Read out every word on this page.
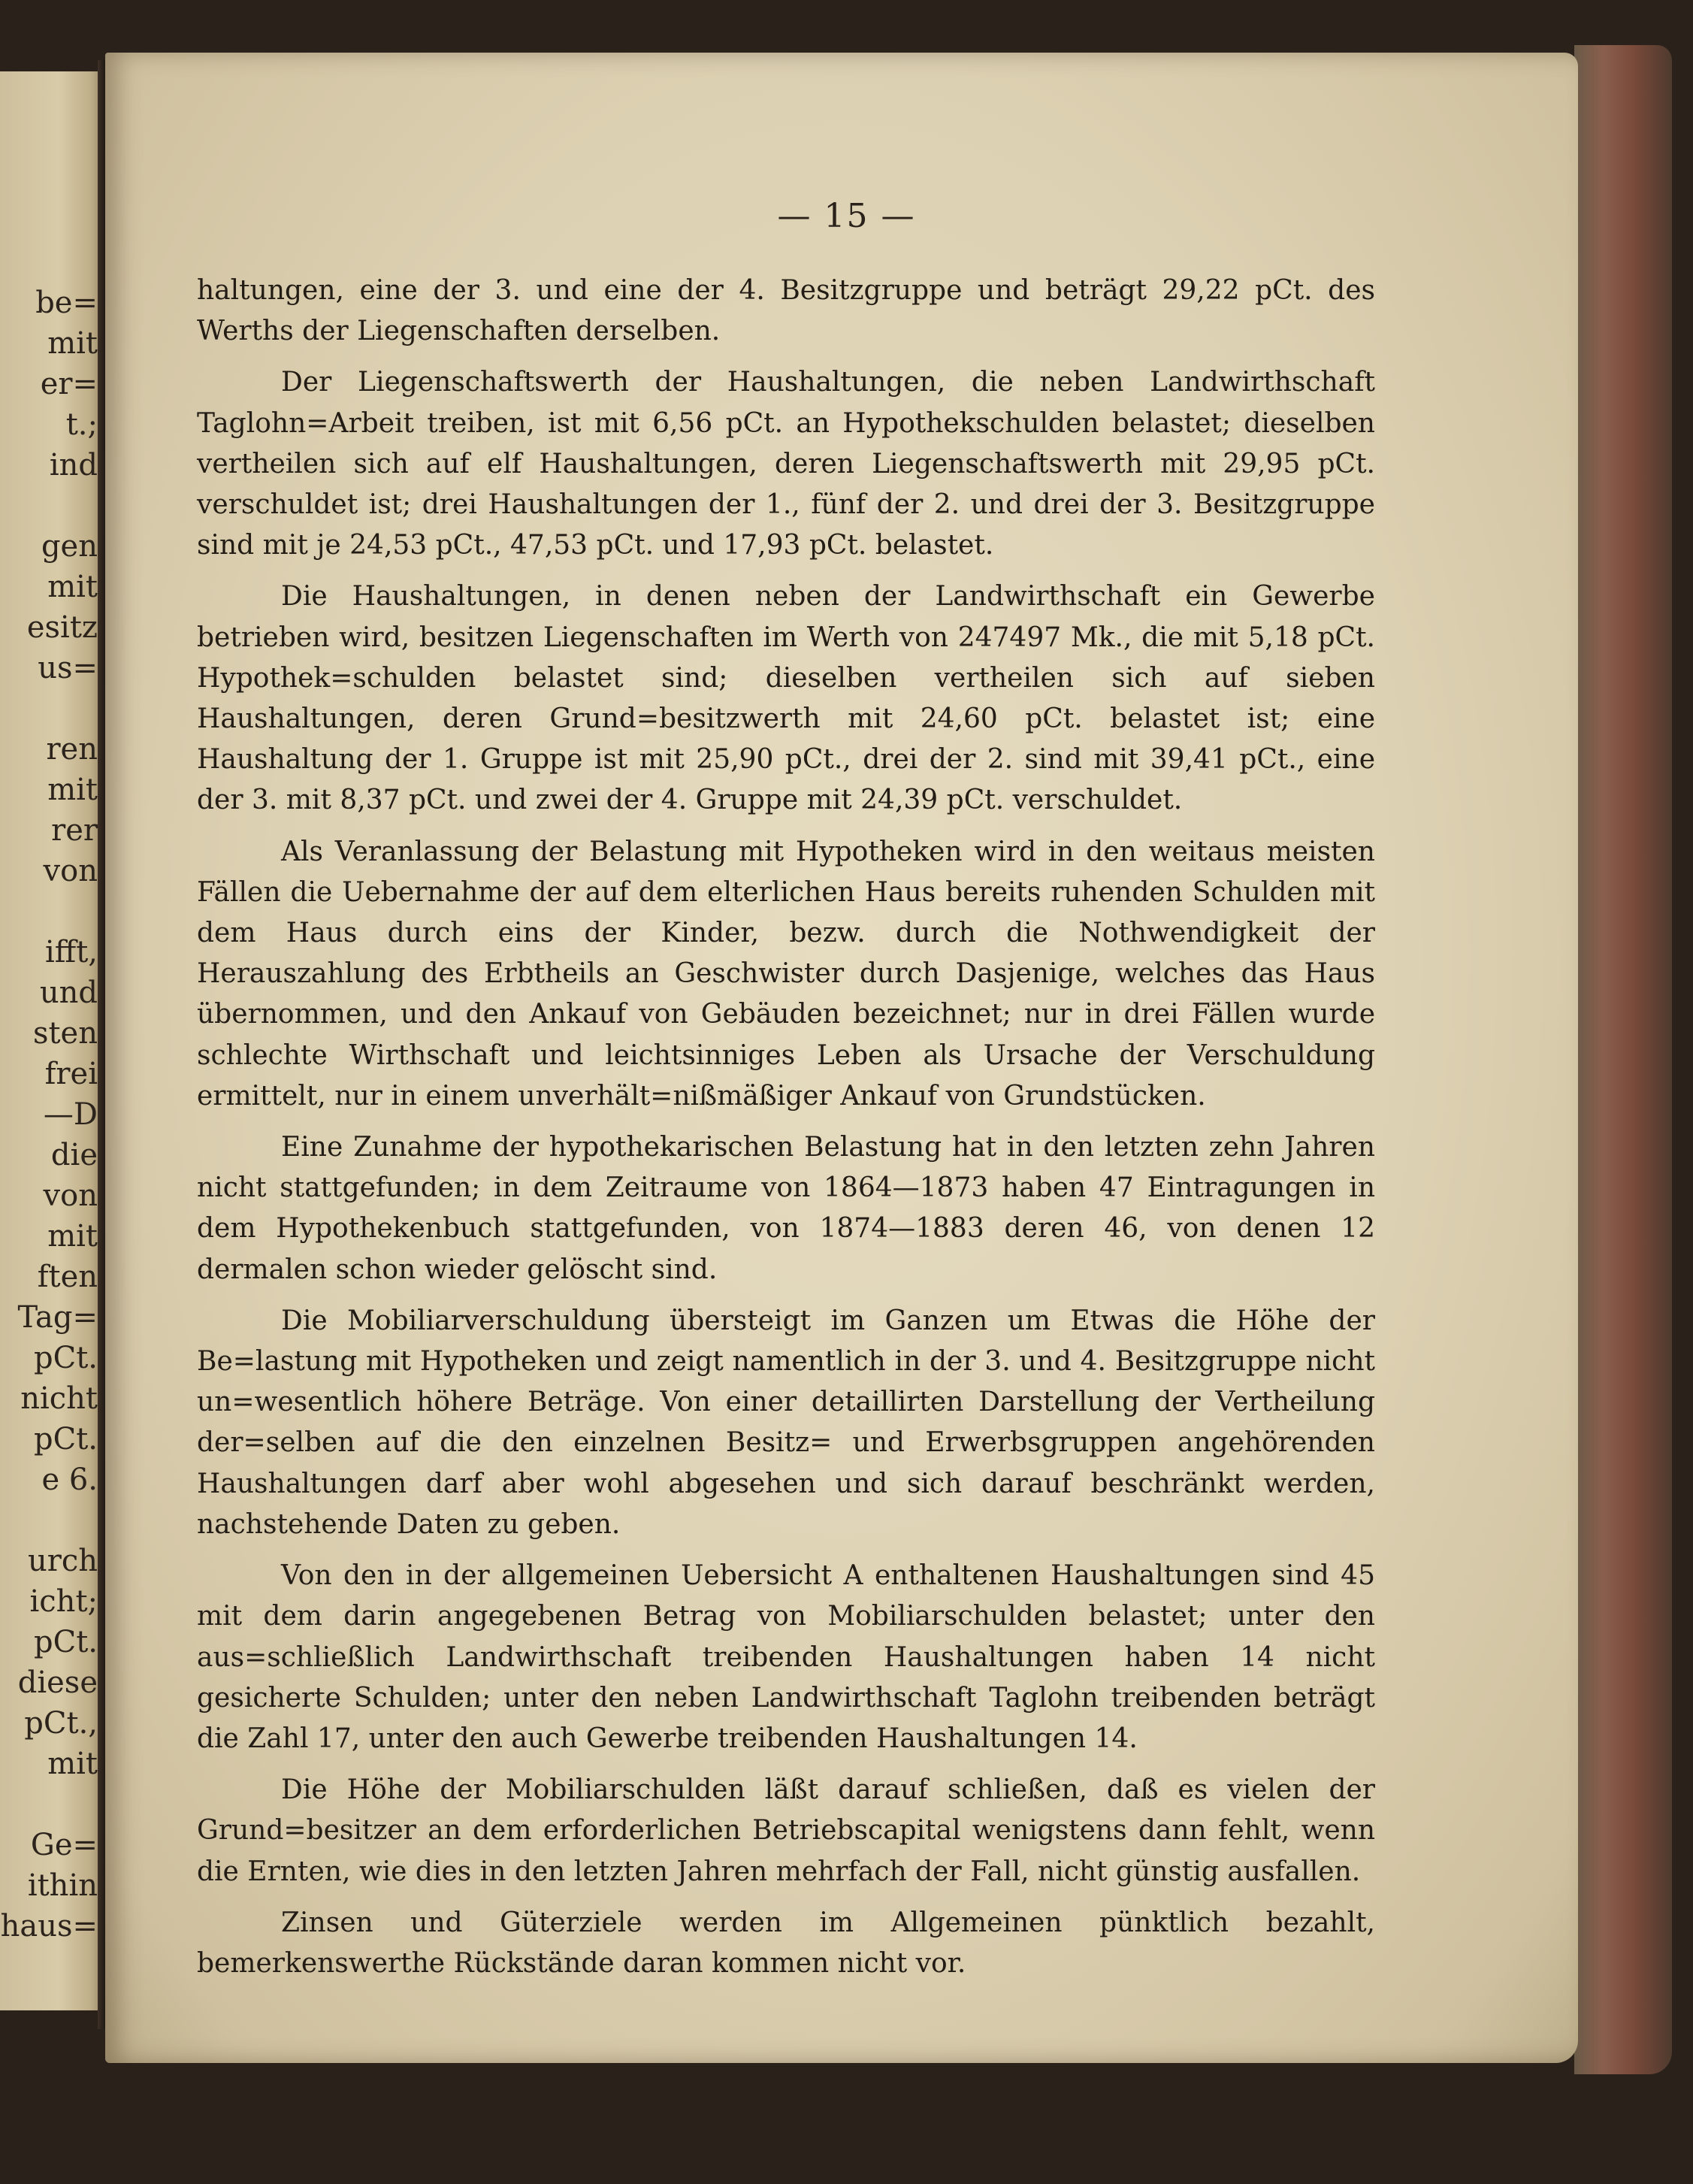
be=
mit
er=
t.;
ind
gen
mit
esitz
us=
ren
mit
rer
von
ifft,
und
sten
frei
—D
die
von
mit
ften
Tag=
pCt.
nicht
pCt.
e 6.
urch
icht;
pCt.
diese
pCt.,
mit
Ge=
ithin
haus=
— 15 —

haltungen, eine der 3. und eine der 4. Besitzgruppe und beträgt 29,22 pCt. des Werths der Liegenschaften derselben.

Der Liegenschaftswerth der Haushaltungen, die neben Landwirthschaft Taglohn=Arbeit treiben, ist mit 6,56 pCt. an Hypothekschulden belastet; dieselben vertheilen sich auf elf Haushaltungen, deren Liegenschaftswerth mit 29,95 pCt. verschuldet ist; drei Haushaltungen der 1., fünf der 2. und drei der 3. Besitzgruppe sind mit je 24,53 pCt., 47,53 pCt. und 17,93 pCt. belastet.

Die Haushaltungen, in denen neben der Landwirthschaft ein Gewerbe betrieben wird, besitzen Liegenschaften im Werth von 247497 Mk., die mit 5,18 pCt. Hypothek=schulden belastet sind; dieselben vertheilen sich auf sieben Haushaltungen, deren Grund=besitzwerth mit 24,60 pCt. belastet ist; eine Haushaltung der 1. Gruppe ist mit 25,90 pCt., drei der 2. sind mit 39,41 pCt., eine der 3. mit 8,37 pCt. und zwei der 4. Gruppe mit 24,39 pCt. verschuldet.

Als Veranlassung der Belastung mit Hypotheken wird in den weitaus meisten Fällen die Uebernahme der auf dem elterlichen Haus bereits ruhenden Schulden mit dem Haus durch eins der Kinder, bezw. durch die Nothwendigkeit der Herauszahlung des Erbtheils an Geschwister durch Dasjenige, welches das Haus übernommen, und den Ankauf von Gebäuden bezeichnet; nur in drei Fällen wurde schlechte Wirthschaft und leichtsinniges Leben als Ursache der Verschuldung ermittelt, nur in einem unverhält=nißmäßiger Ankauf von Grundstücken.

Eine Zunahme der hypothekarischen Belastung hat in den letzten zehn Jahren nicht stattgefunden; in dem Zeitraume von 1864—1873 haben 47 Eintragungen in dem Hypothekenbuch stattgefunden, von 1874—1883 deren 46, von denen 12 dermalen schon wieder gelöscht sind.

Die Mobiliarverschuldung übersteigt im Ganzen um Etwas die Höhe der Be=lastung mit Hypotheken und zeigt namentlich in der 3. und 4. Besitzgruppe nicht un=wesentlich höhere Beträge. Von einer detaillirten Darstellung der Vertheilung der=selben auf die den einzelnen Besitz= und Erwerbsgruppen angehörenden Haushaltungen darf aber wohl abgesehen und sich darauf beschränkt werden, nachstehende Daten zu geben.

Von den in der allgemeinen Uebersicht A enthaltenen Haushaltungen sind 45 mit dem darin angegebenen Betrag von Mobiliarschulden belastet; unter den aus=schließlich Landwirthschaft treibenden Haushaltungen haben 14 nicht gesicherte Schulden; unter den neben Landwirthschaft Taglohn treibenden beträgt die Zahl 17, unter den auch Gewerbe treibenden Haushaltungen 14.

Die Höhe der Mobiliarschulden läßt darauf schließen, daß es vielen der Grund=besitzer an dem erforderlichen Betriebscapital wenigstens dann fehlt, wenn die Ernten, wie dies in den letzten Jahren mehrfach der Fall, nicht günstig ausfallen.

Zinsen und Güterziele werden im Allgemeinen pünktlich bezahlt, bemerkenswerthe Rückstände daran kommen nicht vor.
